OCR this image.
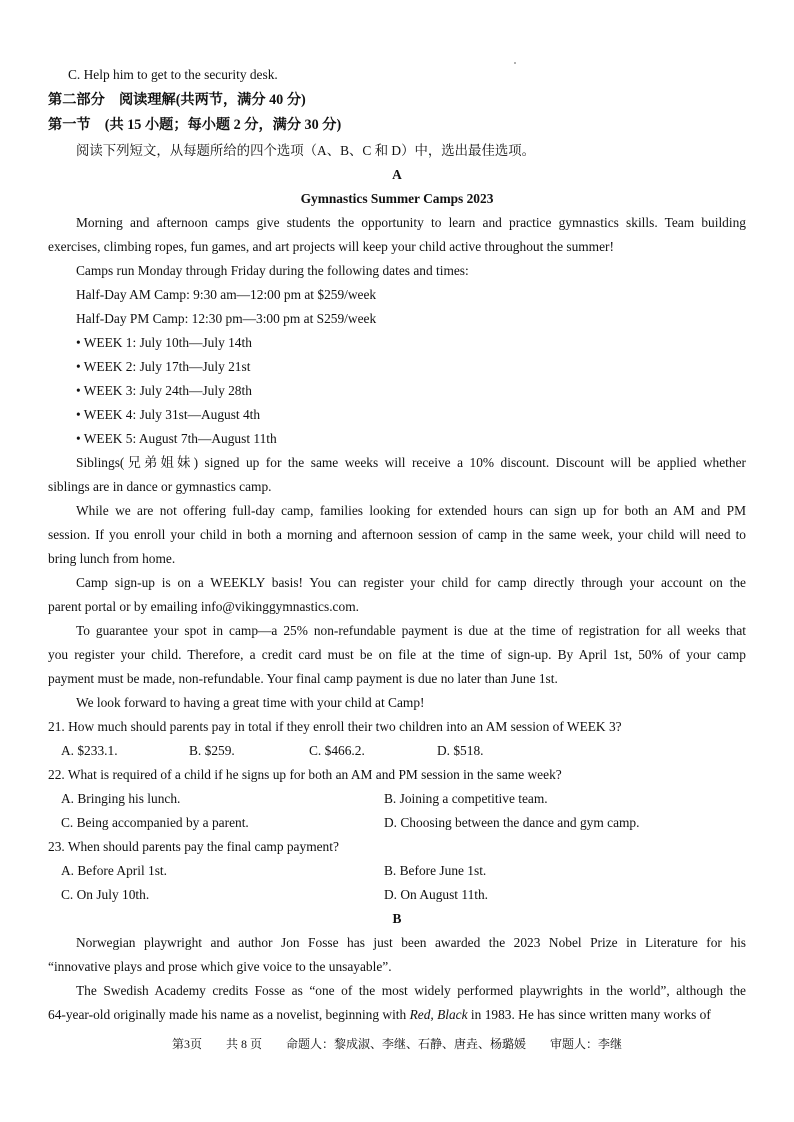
C. Help him to get to the security desk.
第二部分　阅读理解(共两节，满分 40 分)
第一节　(共 15 小题；每小题 2 分，满分 30 分)
阅读下列短文，从每题所给的四个选项（A、B、C 和 D）中，选出最佳选项。
A
Gymnastics Summer Camps 2023
Morning and afternoon camps give students the opportunity to learn and practice gymnastics skills. Team building
exercises, climbing ropes, fun games, and art projects will keep your child active throughout the summer!
Camps run Monday through Friday during the following dates and times:
Half-Day AM Camp: 9:30 am—12:00 pm at $259/week
Half-Day PM Camp: 12:30 pm—3:00 pm at S259/week
• WEEK 1: July 10th—July 14th
• WEEK 2: July 17th—July 21st
• WEEK 3: July 24th—July 28th
• WEEK 4: July 31st—August 4th
• WEEK 5: August 7th—August 11th
Siblings(兄弟姐妹) signed up for the same weeks will receive a 10% discount. Discount will be applied whether
siblings are in dance or gymnastics camp.
While we are not offering full-day camp, families looking for extended hours can sign up for both an AM and PM
session. If you enroll your child in both a morning and afternoon session of camp in the same week, your child will need to
bring lunch from home.
Camp sign-up is on a WEEKLY basis! You can register your child for camp directly through your account on the
parent portal or by emailing info@vikinggymnastics.com.
To guarantee your spot in camp—a 25% non-refundable payment is due at the time of registration for all weeks that
you register your child. Therefore, a credit card must be on file at the time of sign-up. By April 1st, 50% of your camp
payment must be made, non-refundable. Your final camp payment is due no later than June 1st.
We look forward to having a great time with your child at Camp!
21. How much should parents pay in total if they enroll their two children into an AM session of WEEK 3?
A. $233.1.	B. $259.	C. $466.2.	D. $518.
22. What is required of a child if he signs up for both an AM and PM session in the same week?
A. Bringing his lunch.	B. Joining a competitive team.
C. Being accompanied by a parent.	D. Choosing between the dance and gym camp.
23. When should parents pay the final camp payment?
A. Before April 1st.	B. Before June 1st.
C. On July 10th.	D. On August 11th.
B
Norwegian playwright and author Jon Fosse has just been awarded the 2023 Nobel Prize in Literature for his
“innovative plays and prose which give voice to the unsayable”.
The Swedish Academy credits Fosse as “one of the most widely performed playwrights in the world”, although the
64-year-old originally made his name as a novelist, beginning with Red, Black in 1983. He has since written many works of
第3页　　共 8 页　　命题人：黎成淑、李继、石静、唐垚、杨璐媛　　审题人：李继
